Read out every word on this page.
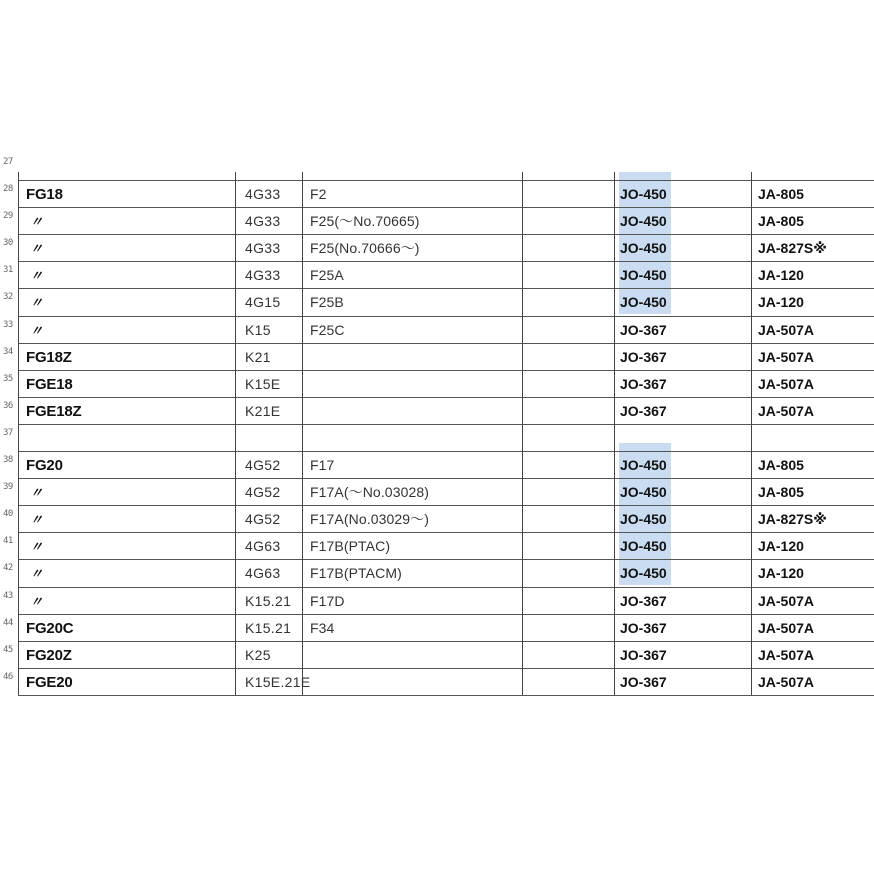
27
28
29
30
31
32
33
34
35
36
37
38
39
40
41
42
43
44
45
46
FG18	4G33 F2	JO-450	JA-805
〃	4G33 F25(～No.70665)	JO-450	JA-805
〃	4G33 F25(No.70666～)	JO-450	JA-827S※
〃	4G33 F25A	JO-450	JA-120
〃	4G15 F25B	JO-450	JA-120
〃	K15	F25C	JO-367	JA-507A
FG18Z	K21	JO-367	JA-507A
FGE18	K15E	JO-367	JA-507A
FGE18Z	K21E	JO-367	JA-507A
FG20	4G52 F17	JO-450	JA-805
〃	4G52 F17A(～No.03028)	JO-450	JA-805
〃	4G52 F17A(No.03029～)	JO-450	JA-827S※
〃	4G63 F17B(PTAC)	JO-450	JA-120
〃	4G63 F17B(PTACM)	JO-450	JA-120
〃	K15.21 F17D	JO-367	JA-507A
FG20C	K15.21 F34	JO-367	JA-507A
FG20Z	K25	JO-367	JA-507A
FGE20	K15E.21E	JO-367	JA-507A
